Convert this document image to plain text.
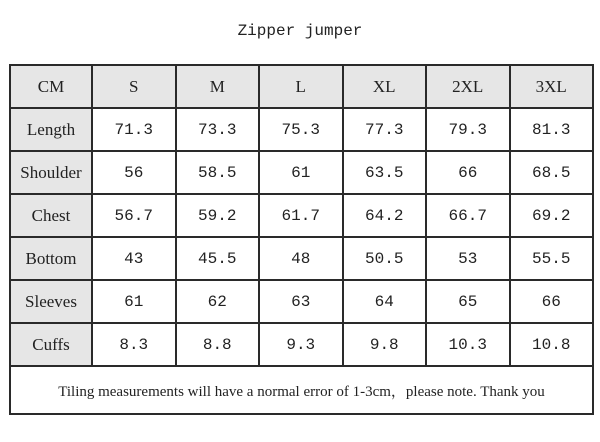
Zipper jumper
CM	S	M	L	XL	2XL	3XL
Length	71.3	73.3	75.3	77.3	79.3	81.3
Shoulder	56	58.5	61	63.5	66	68.5
Chest	56.7	59.2	61.7	64.2	66.7	69.2
Bottom	43	45.5	48	50.5	53	55.5
Sleeves	61	62	63	64	65	66
Cuffs	8.3	8.8	9.3	9.8	10.3	10.8
Tiling measurements will have a normal error of 1-3cm，please note. Thank you						
